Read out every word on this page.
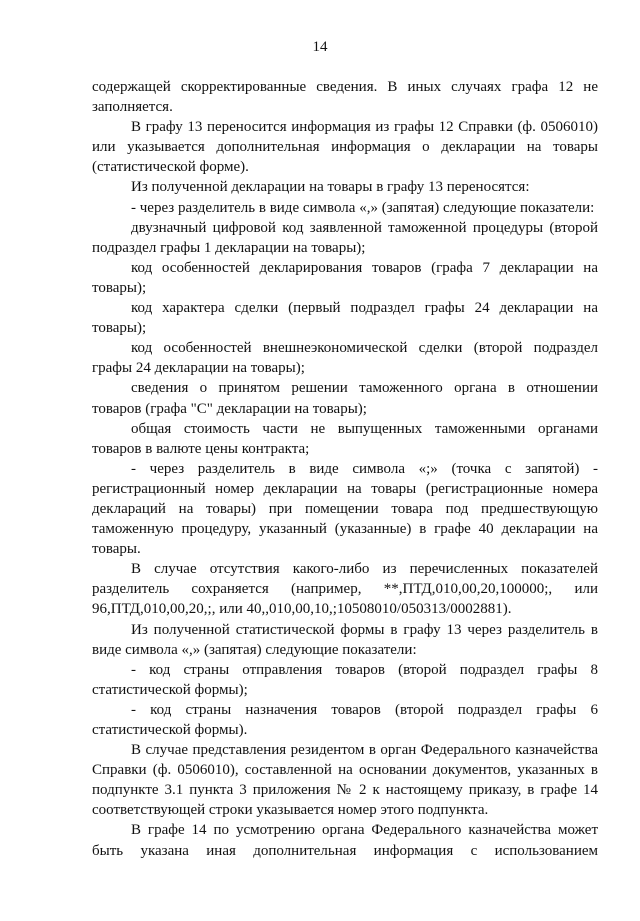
14

содержащей скорректированные сведения. В иных случаях графа 12 не заполняется.

В графу 13 переносится информация из графы 12 Справки (ф. 0506010) или указывается дополнительная информация о декларации на товары (статистической форме).

Из полученной декларации на товары в графу 13 переносятся:

- через разделитель в виде символа «,» (запятая) следующие показатели:

двузначный цифровой код заявленной таможенной процедуры (второй подраздел графы 1 декларации на товары);

код особенностей декларирования товаров (графа 7 декларации на товары);

код характера сделки (первый подраздел графы 24 декларации на товары);

код особенностей внешнеэкономической сделки (второй подраздел графы 24 декларации на товары);

сведения о принятом решении таможенного органа в отношении товаров (графа "С" декларации на товары);

общая стоимость части не выпущенных таможенными органами товаров в валюте цены контракта;

- через разделитель в виде символа «;» (точка с запятой) - регистрационный номер декларации на товары (регистрационные номера деклараций на товары) при помещении товара под предшествующую таможенную процедуру, указанный (указанные) в графе 40 декларации на товары.

В случае отсутствия какого-либо из перечисленных показателей разделитель сохраняется (например, **,ПТД,010,00,20,100000;, или 96,ПТД,010,00,20,;, или 40,,010,00,10,;10508010/050313/0002881).

Из полученной статистической формы в графу 13 через разделитель в виде символа «,» (запятая) следующие показатели:

- код страны отправления товаров (второй подраздел графы 8 статистической формы);

- код страны назначения товаров (второй подраздел графы 6 статистической формы).

В случае представления резидентом в орган Федерального казначейства Справки (ф. 0506010), составленной на основании документов, указанных в подпункте 3.1 пункта 3 приложения № 2 к настоящему приказу, в графе 14 соответствующей строки указывается номер этого подпункта.

В графе 14 по усмотрению органа Федерального казначейства может быть указана иная дополнительная информация с использованием
